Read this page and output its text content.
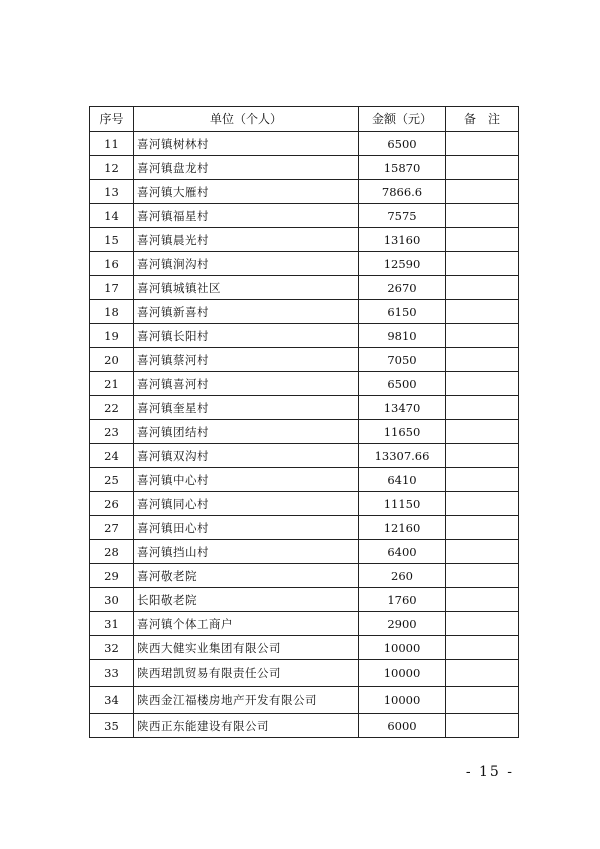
序号	单位（个人）	金额（元）	备　注
11	喜河镇树林村	6500	
12	喜河镇盘龙村	15870	
13	喜河镇大雁村	7866.6	
14	喜河镇福星村	7575	
15	喜河镇晨光村	13160	
16	喜河镇涧沟村	12590	
17	喜河镇城镇社区	2670	
18	喜河镇新喜村	6150	
19	喜河镇长阳村	9810	
20	喜河镇蔡河村	7050	
21	喜河镇喜河村	6500	
22	喜河镇奎星村	13470	
23	喜河镇团结村	11650	
24	喜河镇双沟村	13307.66	
25	喜河镇中心村	6410	
26	喜河镇同心村	11150	
27	喜河镇田心村	12160	
28	喜河镇挡山村	6400	
29	喜河敬老院	260	
30	长阳敬老院	1760	
31	喜河镇个体工商户	2900	
32	陕西大健实业集团有限公司	10000	
33	陕西珺凯贸易有限责任公司	10000	
34	陕西金江福楼房地产开发有限公司	10000	
35	陕西正东能建设有限公司	6000	
- 15 -
